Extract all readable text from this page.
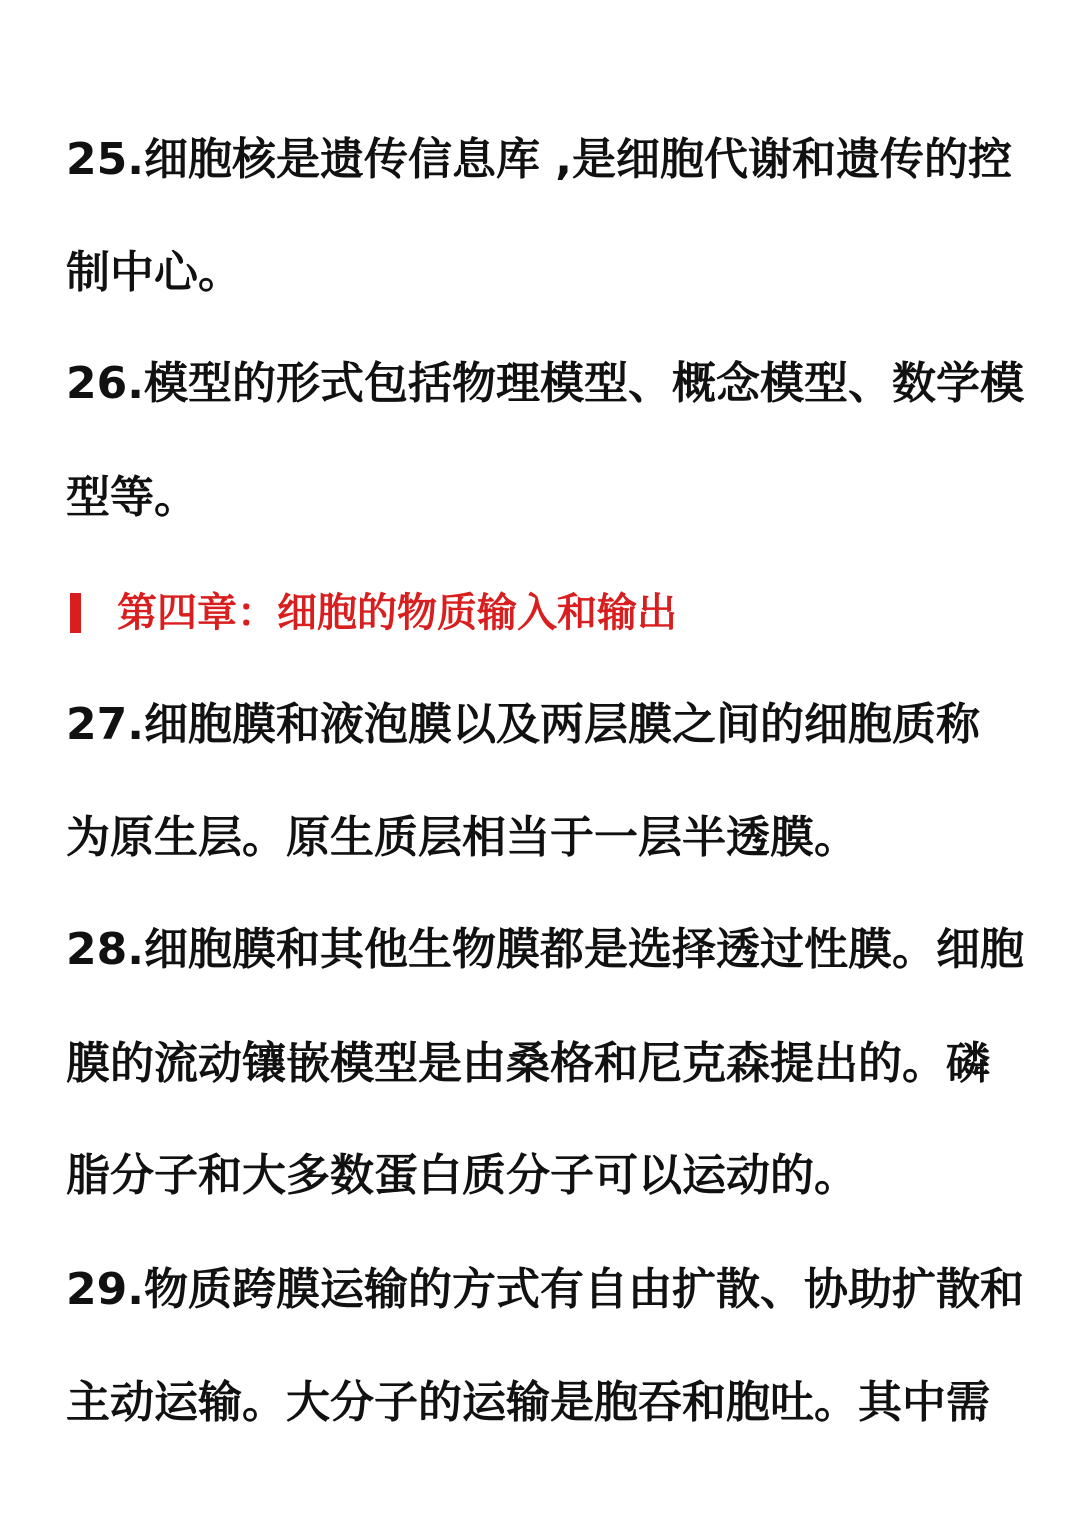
25.细胞核是遗传信息库 ,是细胞代谢和遗传的控
制中心。
26.模型的形式包括物理模型、概念模型、数学模
型等。
第四章：细胞的物质输入和输出
27.细胞膜和液泡膜以及两层膜之间的细胞质称
为原生层。原生质层相当于一层半透膜。
28.细胞膜和其他生物膜都是选择透过性膜。细胞
膜的流动镶嵌模型是由桑格和尼克森提出的。磷
脂分子和大多数蛋白质分子可以运动的。
29.物质跨膜运输的方式有自由扩散、协助扩散和
主动运输。大分子的运输是胞吞和胞吐。其中需
